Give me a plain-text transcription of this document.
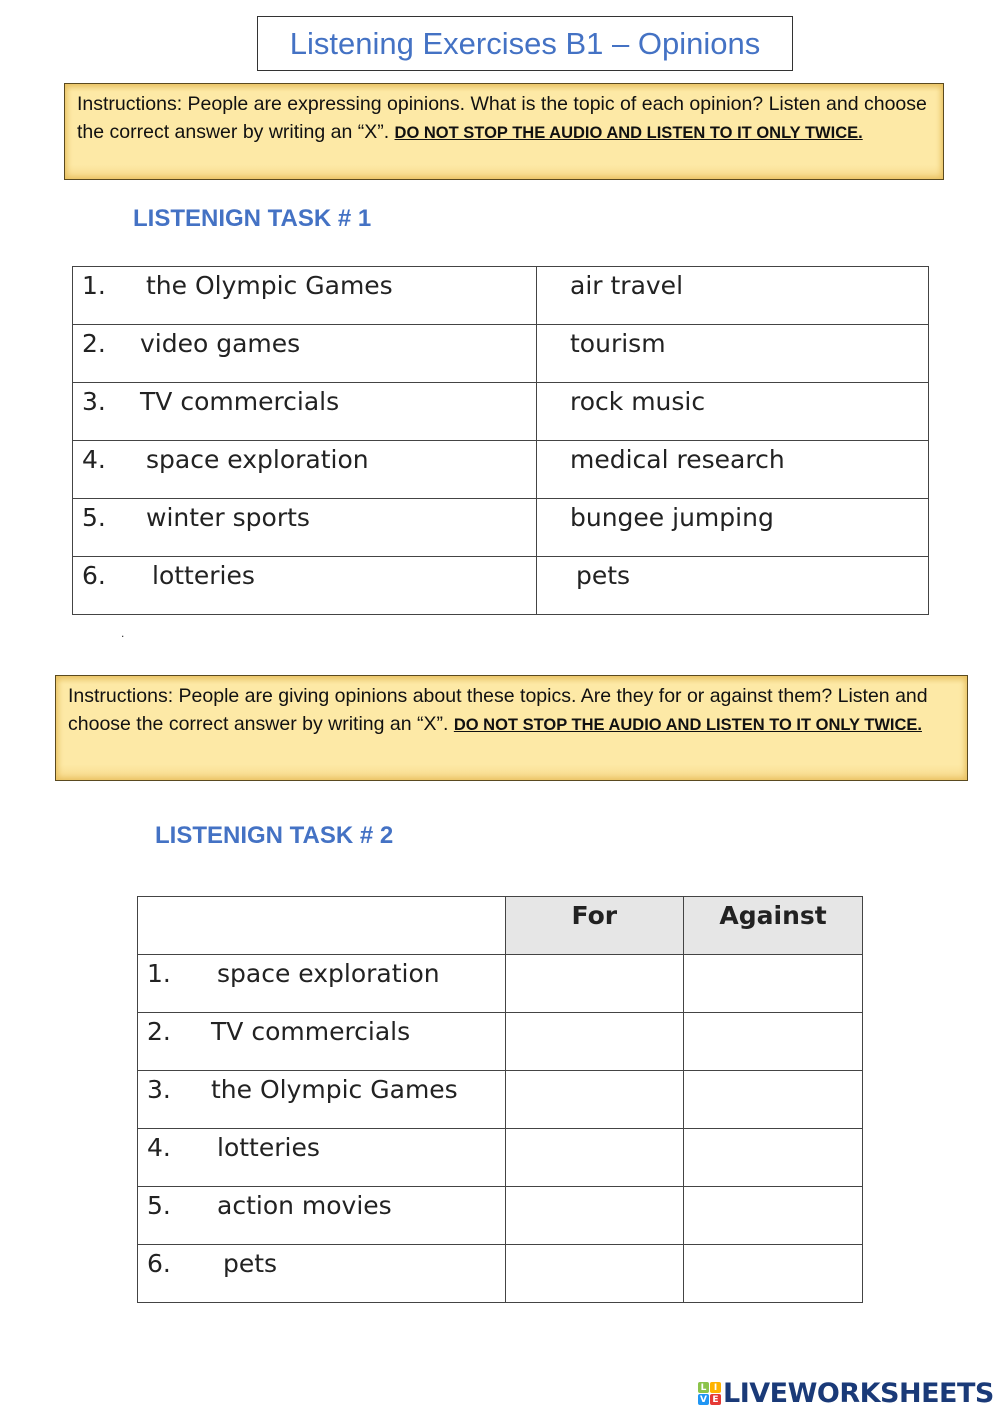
Listening Exercises B1 – Opinions
Instructions: People are expressing opinions. What is the topic of each opinion? Listen and choose the correct answer by writing an “X”. DO NOT STOP THE AUDIO AND LISTEN TO IT ONLY TWICE.
LISTENIGN TASK # 1
1. the Olympic Games	air travel
2. video games	tourism
3. TV commercials	rock music
4. space exploration	medical research
5. winter sports	bungee jumping
6. lotteries	pets
.
Instructions: People are giving opinions about these topics. Are they for or against them? Listen and choose the correct answer by writing an “X”. DO NOT STOP THE AUDIO AND LISTEN TO IT ONLY TWICE.
LISTENIGN TASK # 2
	For	Against
1. space exploration		
2. TV commercials		
3. the Olympic Games		
4. lotteries		
5. action movies		
6. pets		
L I
V E LIVEWORKSHEETS
